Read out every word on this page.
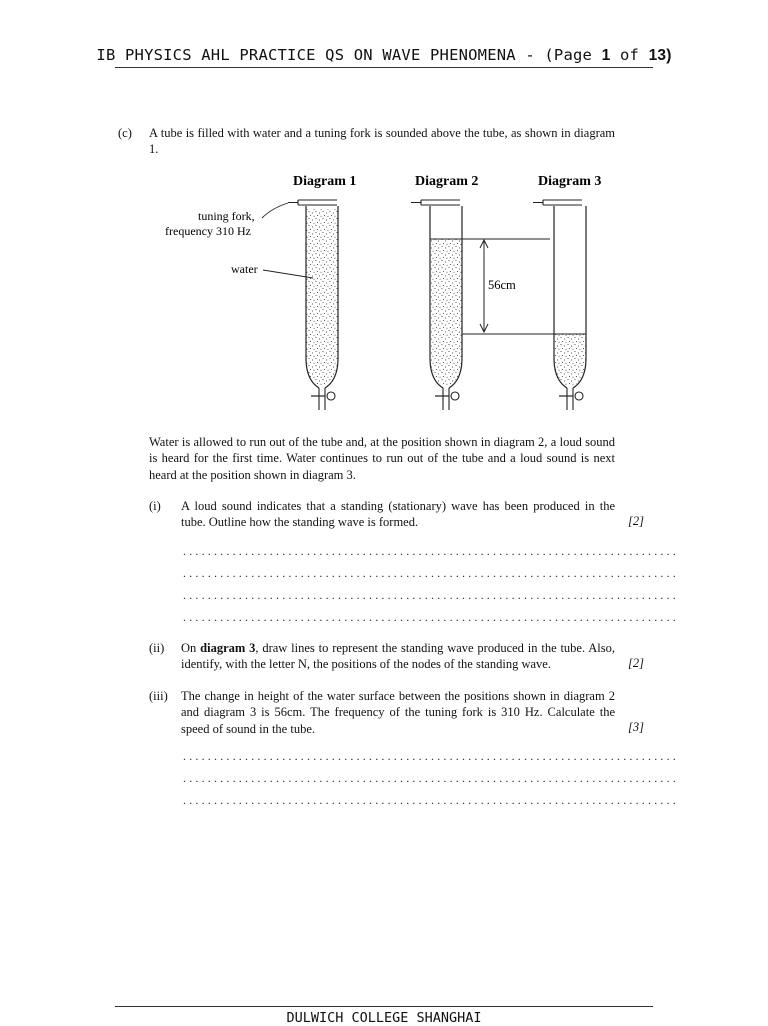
IB PHYSICS AHL PRACTICE QS ON WAVE PHENOMENA - (Page 1 of 13)
(c) A tube is filled with water and a tuning fork is sounded above the tube, as shown in diagram 1.
Diagram 1	Diagram 2	Diagram 3
56cm
tuning fork,
frequency 310 Hz
water
Water is allowed to run out of the tube and, at the position shown in diagram 2, a loud sound is heard for the first time. Water continues to run out of the tube and a loud sound is next heard at the position shown in diagram 3.
(i) A loud sound indicates that a standing (stationary) wave has been produced in the tube. Outline how the standing wave is formed.	[2]
................................................................................
................................................................................
................................................................................
................................................................................
(ii) On diagram 3, draw lines to represent the standing wave produced in the tube. Also, identify, with the letter N, the positions of the nodes of the standing wave.	[2]
(iii) The change in height of the water surface between the positions shown in diagram 2 and diagram 3 is 56cm. The frequency of the tuning fork is 310 Hz. Calculate the speed of sound in the tube.	[3]
................................................................................
................................................................................
................................................................................
DULWICH COLLEGE SHANGHAI
